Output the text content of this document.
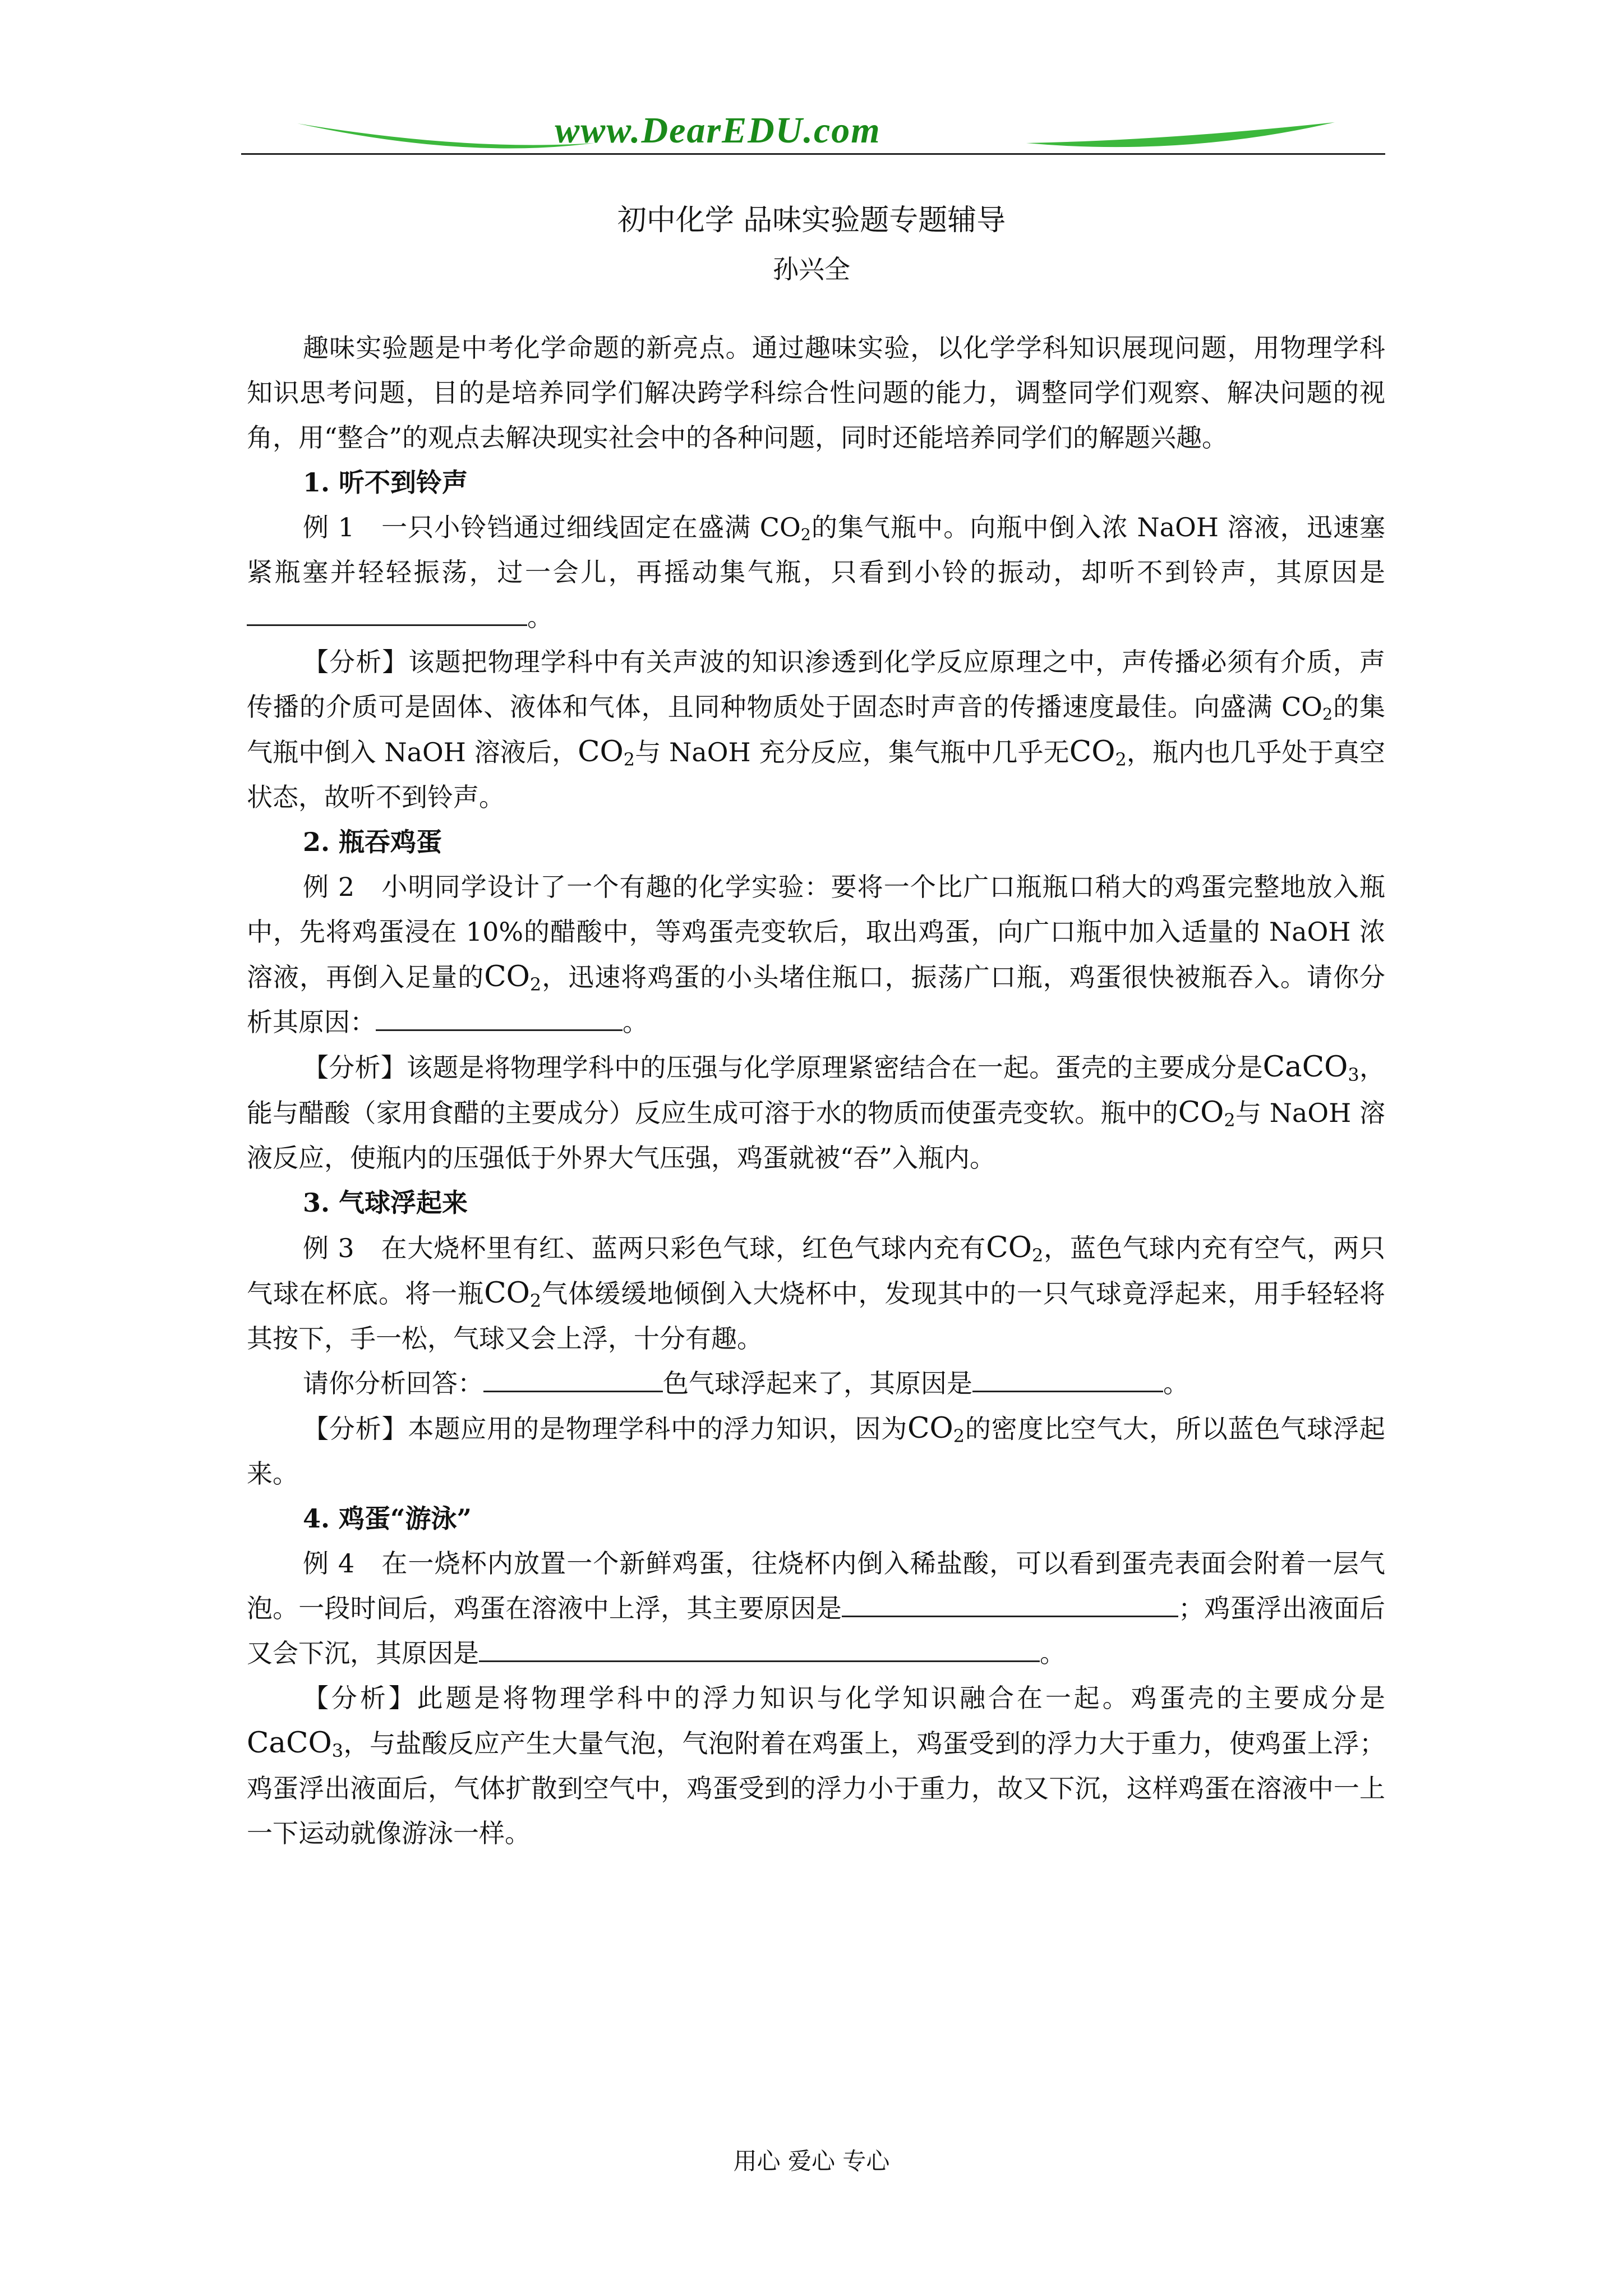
www.DearEDU.com
初中化学 品味实验题专题辅导
孙兴全

趣味实验题是中考化学命题的新亮点。通过趣味实验，以化学学科知识展现问题，用物理学科知识思考问题，目的是培养同学们解决跨学科综合性问题的能力，调整同学们观察、解决问题的视角，用“整合”的观点去解决现实社会中的各种问题，同时还能培养同学们的解题兴趣。

1. 听不到铃声

例 1　一只小铃铛通过细线固定在盛满 $CO_2$的集气瓶中。向瓶中倒入浓 NaOH 溶液，迅速塞紧瓶塞并轻轻振荡，过一会儿，再摇动集气瓶，只看到小铃的振动，却听不到铃声，其原因是。

【分析】该题把物理学科中有关声波的知识渗透到化学反应原理之中，声传播必须有介质，声传播的介质可是固体、液体和气体，且同种物质处于固态时声音的传播速度最佳。向盛满 $CO_2$的集气瓶中倒入 NaOH 溶液后，$CO_2$与 NaOH 充分反应，集气瓶中几乎无$CO_2$，瓶内也几乎处于真空状态，故听不到铃声。

2. 瓶吞鸡蛋

例 2　小明同学设计了一个有趣的化学实验：要将一个比广口瓶瓶口稍大的鸡蛋完整地放入瓶中，先将鸡蛋浸在 10%的醋酸中，等鸡蛋壳变软后，取出鸡蛋，向广口瓶中加入适量的 NaOH 浓溶液，再倒入足量的$CO_2$，迅速将鸡蛋的小头堵住瓶口，振荡广口瓶，鸡蛋很快被瓶吞入。请你分析其原因：	。

【分析】该题是将物理学科中的压强与化学原理紧密结合在一起。蛋壳的主要成分是CaCO$_3$，能与醋酸（家用食醋的主要成分）反应生成可溶于水的物质而使蛋壳变软。瓶中的$CO_2$与 NaOH 溶液反应，使瓶内的压强低于外界大气压强，鸡蛋就被“吞”入瓶内。

3. 气球浮起来

例 3　在大烧杯里有红、蓝两只彩色气球，红色气球内充有$CO_2$，蓝色气球内充有空气，两只气球在杯底。将一瓶$CO_2$气体缓缓地倾倒入大烧杯中，发现其中的一只气球竟浮起来，用手轻轻将其按下，手一松，气球又会上浮，十分有趣。

请你分析回答：	色气球浮起来了，其原因是	。

【分析】本题应用的是物理学科中的浮力知识，因为$CO_2$的密度比空气大，所以蓝色气球浮起来。

4. 鸡蛋“游泳”

例 4　在一烧杯内放置一个新鲜鸡蛋，往烧杯内倒入稀盐酸，可以看到蛋壳表面会附着一层气泡。一段时间后，鸡蛋在溶液中上浮，其主要原因是	；鸡蛋浮出液面后又会下沉，其原因是	。

【分析】此题是将物理学科中的浮力知识与化学知识融合在一起。鸡蛋壳的主要成分是CaCO$_3$，与盐酸反应产生大量气泡，气泡附着在鸡蛋上，鸡蛋受到的浮力大于重力，使鸡蛋上浮；鸡蛋浮出液面后，气体扩散到空气中，鸡蛋受到的浮力小于重力，故又下沉，这样鸡蛋在溶液中一上一下运动就像游泳一样。

用心 爱心 专心
